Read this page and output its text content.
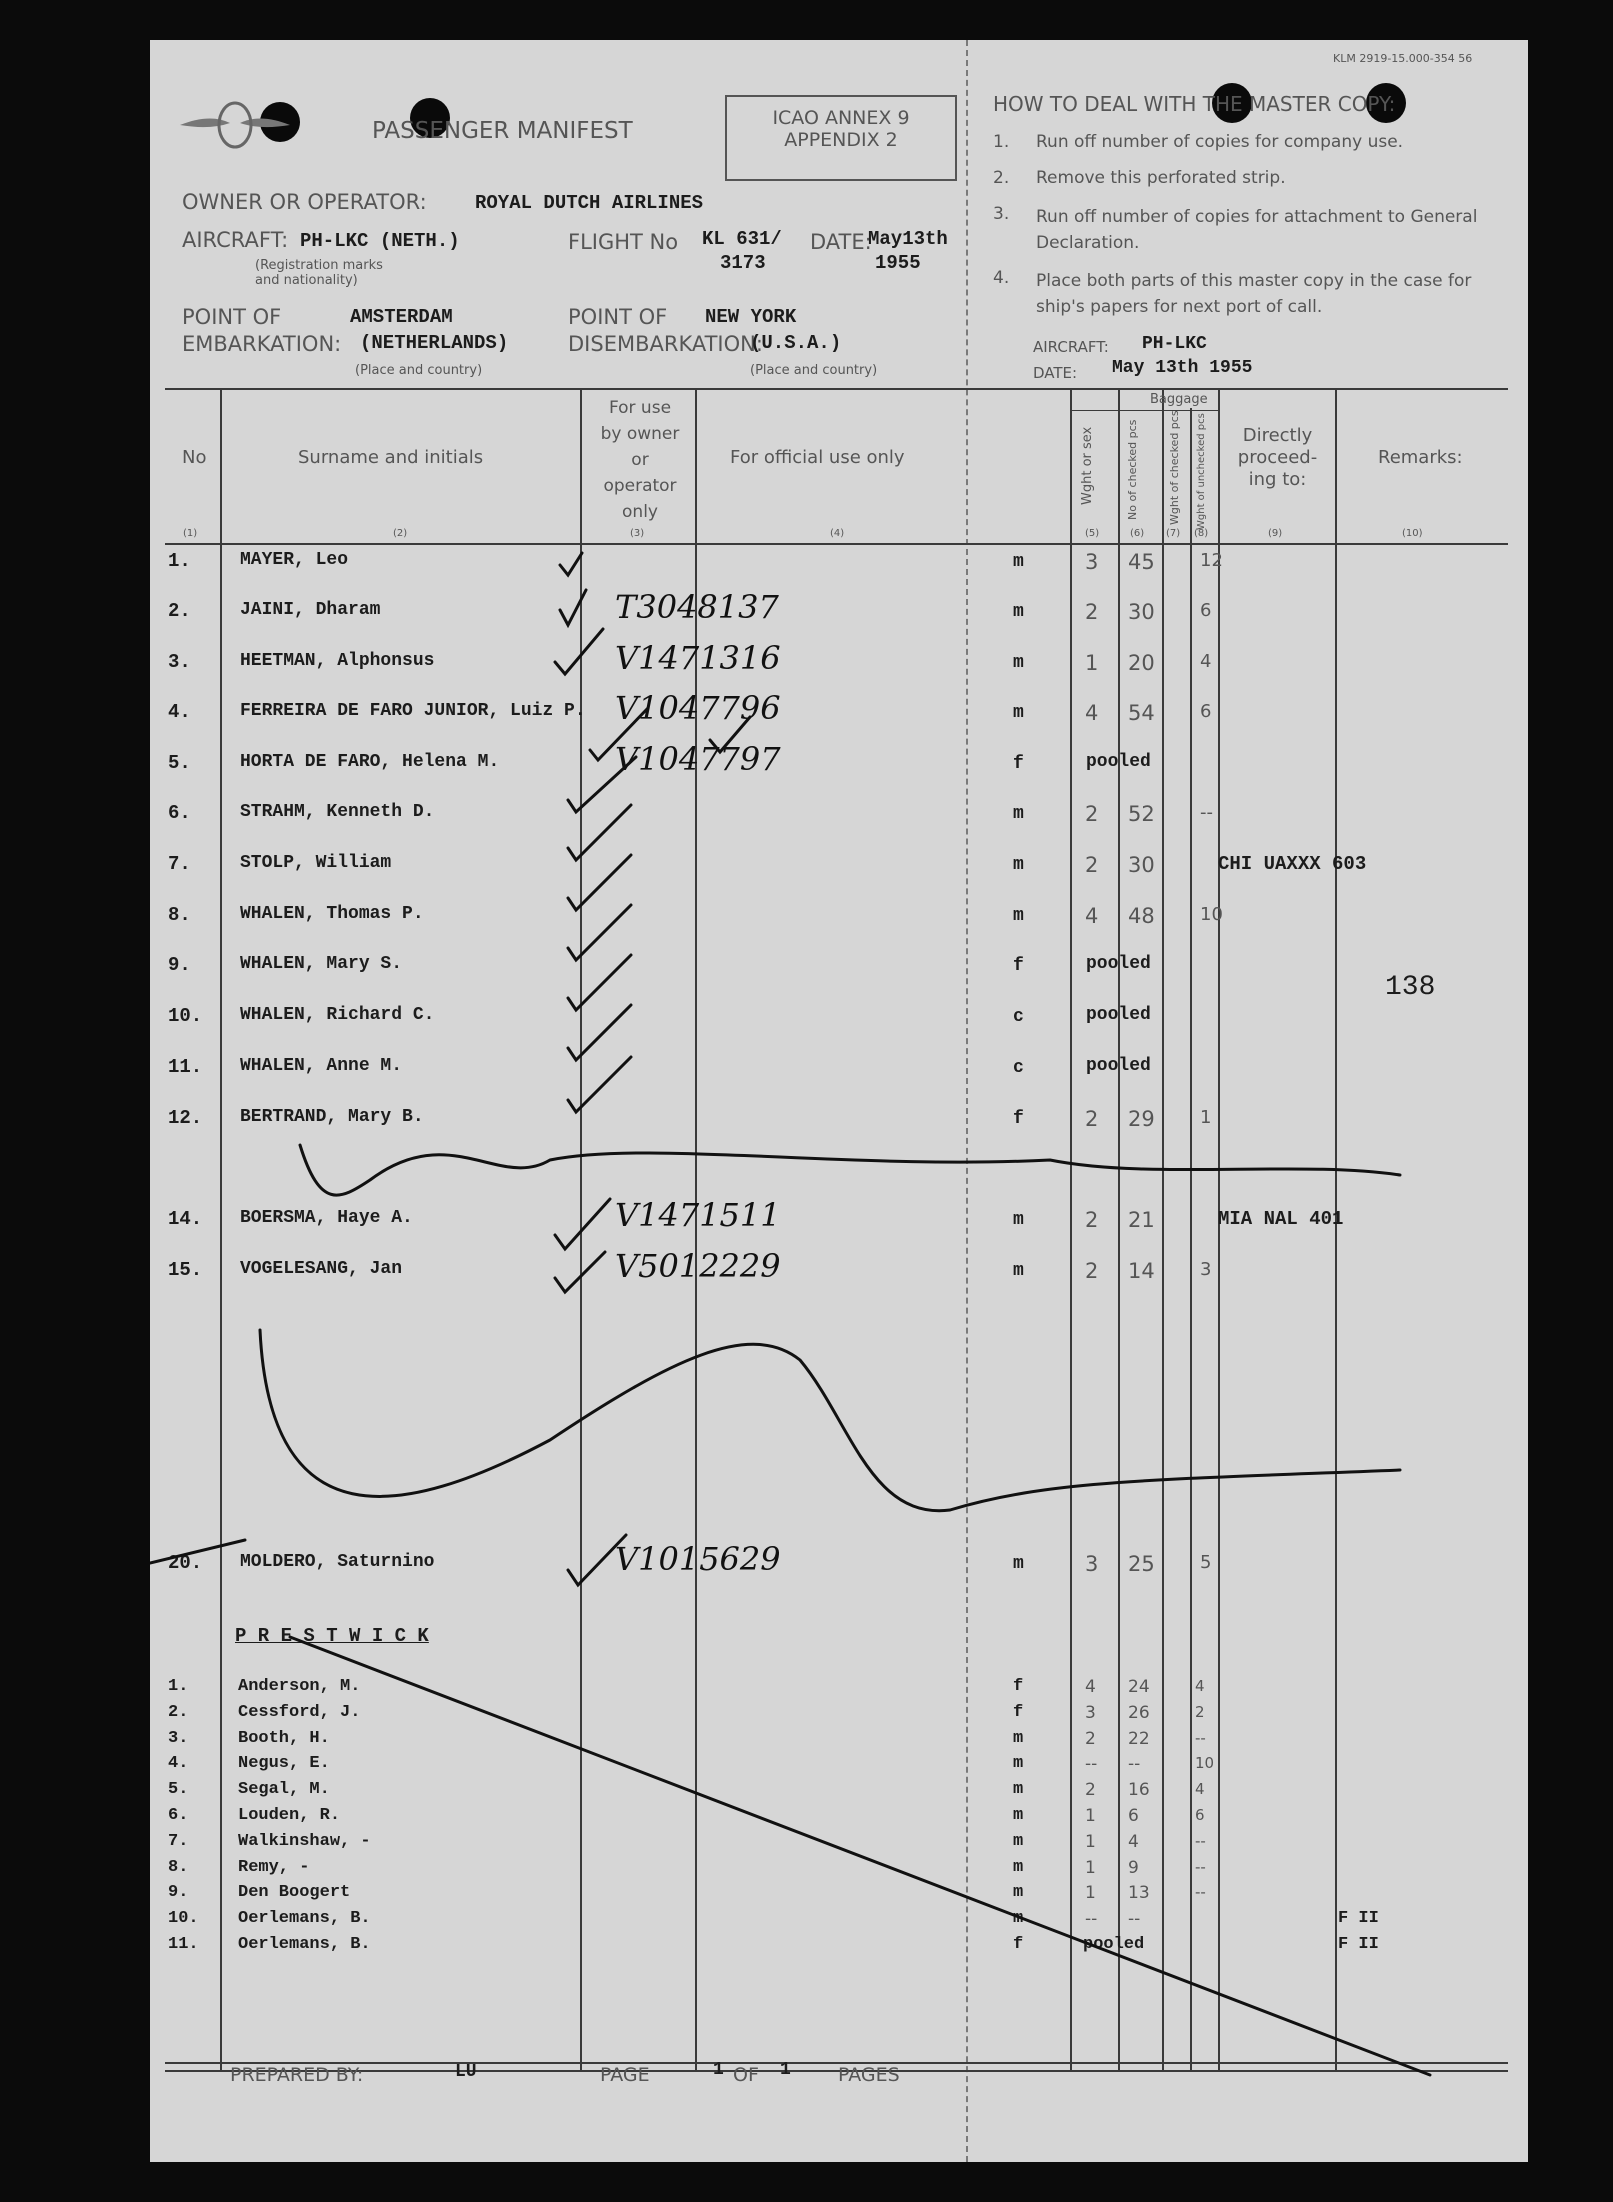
KLM 2919-15.000-354 56
PASSENGER MANIFEST	ICAO ANNEX 9
APPENDIX 2
OWNER OR OPERATOR:	ROYAL DUTCH AIRLINES
AIRCRAFT: PH-LKC (NETH.)
(Registration marks
and nationality)
FLIGHT No KL 631/
3173
DATE:
May13th
1955
POINT OF
EMBARKATION:
AMSTERDAM
(NETHERLANDS)
(Place and country)
POINT OF
DISEMBARKATION:
NEW YORK
(U.S.A.)
(Place and country)
HOW TO DEAL WITH THE MASTER COPY:
1. Run off number of copies for company use.
2. Remove this perforated strip.
3. Run off number of copies for attachment to General Declaration.
4. Place both parts of this master copy in the case for ship's papers for next port of call.
AIRCRAFT: PH-LKC
DATE: May 13th 1955
No	Surname and initials
For use
by owner
or
operator
only
For official use only	Wght or sex
Baggage
No of checked pcs	Wght of checked pcs Wght of unchecked pcs	Directly
proceed-
ing to:
Remarks:
(1)	(2)	(3)	(4)	(5)	(6) (7) (8)	(9)	(10)
1.	MAYER, Leo	m	3 45	12
2.	JAINI, Dharam	T3048137	m	2 30	6
3.	HEETMAN, Alphonsus	V1471316	m	1 20	4
4.	FERREIRA DE FARO JUNIOR, Luiz P. V1047796	m	4 54	6
5.	HORTA DE FARO, Helena M.	V1047797	f	pooled
6.	STRAHM, Kenneth D.	m	2 52	--
7.	STOLP, William	m	2 30	CHI UAXXX 603
8.	WHALEN, Thomas P.	m	4 48	10
9.	WHALEN, Mary S.	f	pooled
10. WHALEN, Richard C.	c	pooled
11. WHALEN, Anne M.	c	pooled
12. BERTRAND, Mary B.	f	2 29	1
14. BOERSMA, Haye A.	V1471511	m	2 21	MIA NAL 401
15. VOGELESANG, Jan	V5012229	m	2 14	3
20. MOLDERO, Saturnino	V1015629	m	3 25	5
138
P R E S T W I C K
1.	Anderson, M.	f	4 24	4
2.	Cessford, J.	f	3 26	2
3.	Booth, H.	m	2 22	--
4.	Negus, E.	m	-- --	10
5.	Segal, M.	m	2 16	4
6.	Louden, R.	m	1 6	6
7.	Walkinshaw, -	m	1 4	--
8.	Remy, -	m	1 9	--
9.	Den Boogert	m	1 13	--
10. Oerlemans, B.	m	-- --	F II
11. Oerlemans, B.	f	pooled	F II
PREPARED BY:	LU	PAGE	1 OF 1 PAGES
